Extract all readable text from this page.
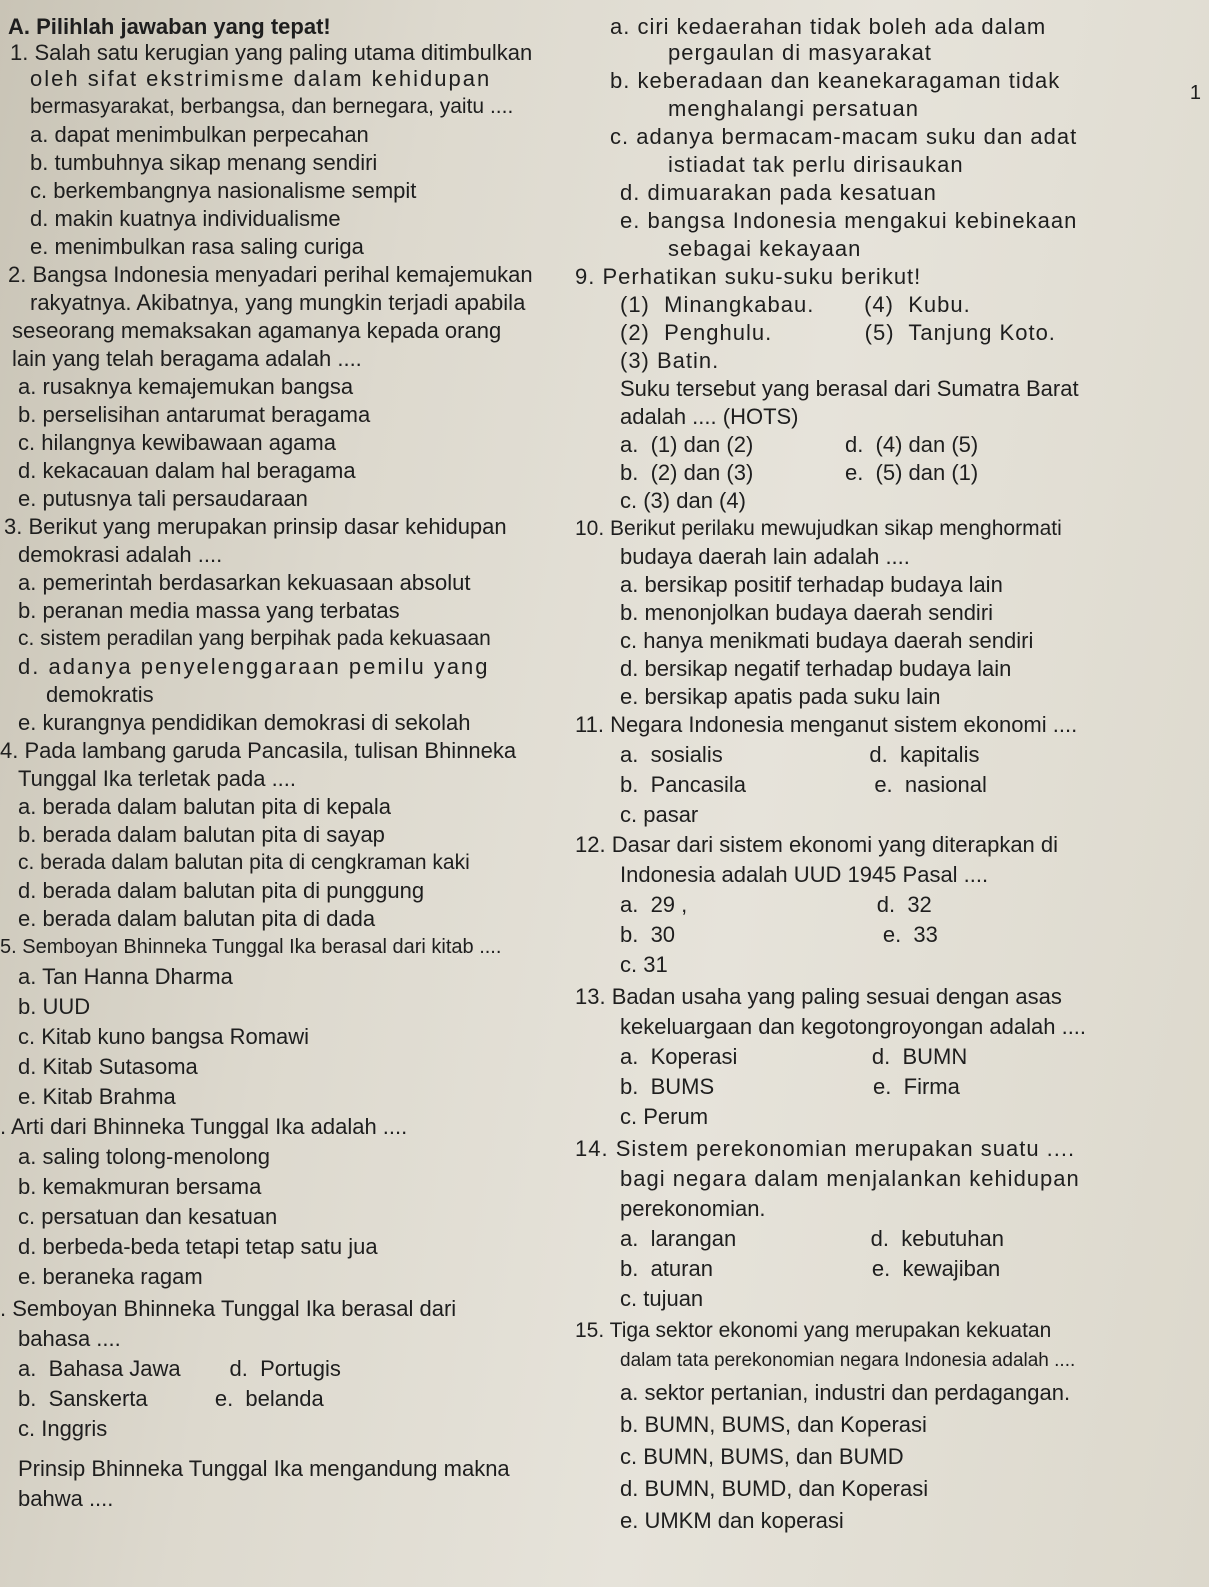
A. Pilihlah jawaban yang tepat!
1
1. Salah satu kerugian yang paling utama ditimbulkan
oleh sifat ekstrimisme dalam kehidupan
bermasyarakat, berbangsa, dan bernegara, yaitu ....
a. dapat menimbulkan perpecahan
b. tumbuhnya sikap menang sendiri
c. berkembangnya nasionalisme sempit
d. makin kuatnya individualisme
e. menimbulkan rasa saling curiga
2. Bangsa Indonesia menyadari perihal kemajemukan
rakyatnya. Akibatnya, yang mungkin terjadi apabila
seseorang memaksakan agamanya kepada orang
lain yang telah beragama adalah ....
a. rusaknya kemajemukan bangsa
b. perselisihan antarumat beragama
c. hilangnya kewibawaan agama
d. kekacauan dalam hal beragama
e. putusnya tali persaudaraan
3. Berikut yang merupakan prinsip dasar kehidupan
demokrasi adalah ....
a. pemerintah berdasarkan kekuasaan absolut
b. peranan media massa yang terbatas
c. sistem peradilan yang berpihak pada kekuasaan
d. adanya penyelenggaraan pemilu yang
demokratis
e. kurangnya pendidikan demokrasi di sekolah
4. Pada lambang garuda Pancasila, tulisan Bhinneka
Tunggal Ika terletak pada ....
a. berada dalam balutan pita di kepala
b. berada dalam balutan pita di sayap
c. berada dalam balutan pita di cengkraman kaki
d. berada dalam balutan pita di punggung
e. berada dalam balutan pita di dada
5. Semboyan Bhinneka Tunggal Ika berasal dari kitab ....
a. Tan Hanna Dharma
b. UUD
c. Kitab kuno bangsa Romawi
d. Kitab Sutasoma
e. Kitab Brahma
. Arti dari Bhinneka Tunggal Ika adalah ....
a. saling tolong-menolong
b. kemakmuran bersama
c. persatuan dan kesatuan
d. berbeda-beda tetapi tetap satu jua
e. beraneka ragam
. Semboyan Bhinneka Tunggal Ika berasal dari
bahasa ....
a.  Bahasa Jawa        d.  Portugis
b.  Sanskerta           e.  belanda
c. Inggris
Prinsip Bhinneka Tunggal Ika mengandung makna
bahwa ....
a. ciri kedaerahan tidak boleh ada dalam
pergaulan di masyarakat
b. keberadaan dan keanekaragaman tidak
menghalangi persatuan
c. adanya bermacam-macam suku dan adat
istiadat tak perlu dirisaukan
d. dimuarakan pada kesatuan
e. bangsa Indonesia mengakui kebinekaan
sebagai kekayaan
9. Perhatikan suku-suku berikut!
(1)  Minangkabau.       (4)  Kubu.
(2)  Penghulu.             (5)  Tanjung Koto.
(3) Batin.
Suku tersebut yang berasal dari Sumatra Barat
adalah .... (HOTS)
a.  (1) dan (2)               d.  (4) dan (5)
b.  (2) dan (3)               e.  (5) dan (1)
c. (3) dan (4)
10. Berikut perilaku mewujudkan sikap menghormati
budaya daerah lain adalah ....
a. bersikap positif terhadap budaya lain
b. menonjolkan budaya daerah sendiri
c. hanya menikmati budaya daerah sendiri
d. bersikap negatif terhadap budaya lain
e. bersikap apatis pada suku lain
11. Negara Indonesia menganut sistem ekonomi ....
a.  sosialis                        d.  kapitalis
b.  Pancasila                     e.  nasional
c. pasar
12. Dasar dari sistem ekonomi yang diterapkan di
Indonesia adalah UUD 1945 Pasal ....
a.  29 ,                               d.  32
b.  30                                  e.  33
c. 31
13. Badan usaha yang paling sesuai dengan asas
kekeluargaan dan kegotongroyongan adalah ....
a.  Koperasi                      d.  BUMN
b.  BUMS                          e.  Firma
c. Perum
14. Sistem perekonomian merupakan suatu ....
bagi negara dalam menjalankan kehidupan
perekonomian.
a.  larangan                      d.  kebutuhan
b.  aturan                          e.  kewajiban
c. tujuan
15. Tiga sektor ekonomi yang merupakan kekuatan
dalam tata perekonomian negara Indonesia adalah ....
a. sektor pertanian, industri dan perdagangan.
b. BUMN, BUMS, dan Koperasi
c. BUMN, BUMS, dan BUMD
d. BUMN, BUMD, dan Koperasi
e. UMKM dan koperasi
